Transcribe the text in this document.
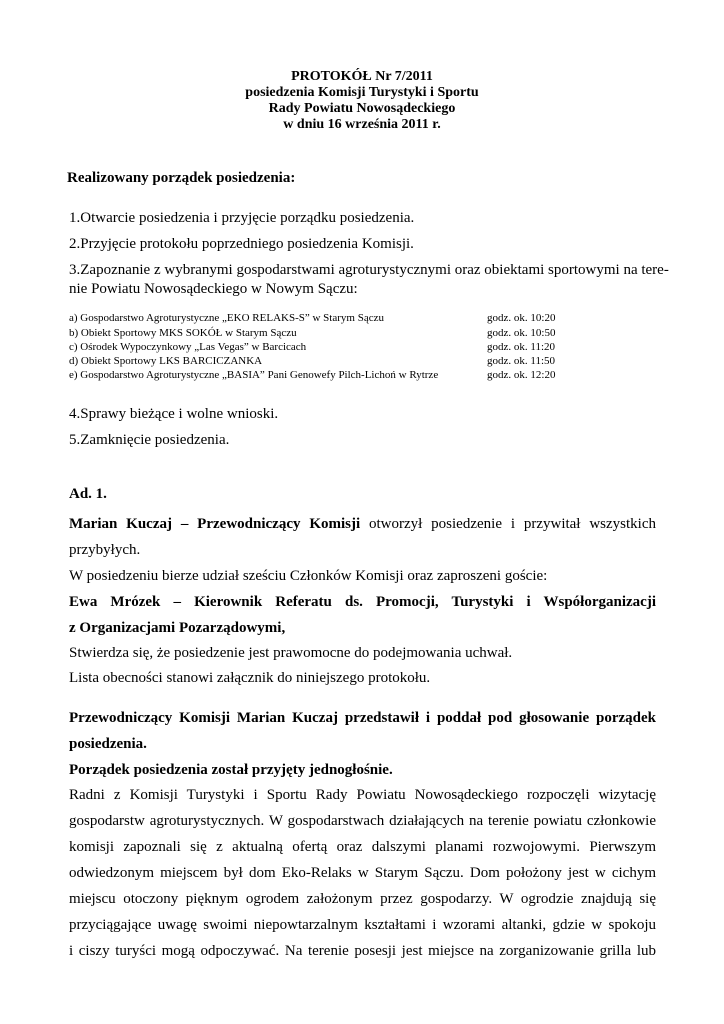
PROTOKÓŁ Nr 7/2011
posiedzenia Komisji Turystyki i Sportu
Rady Powiatu Nowosądeckiego
w dniu 16 września 2011 r.
Realizowany porządek posiedzenia:
1.Otwarcie posiedzenia i przyjęcie porządku posiedzenia.
2.Przyjęcie protokołu poprzedniego posiedzenia Komisji.
3.Zapoznanie z wybranymi gospodarstwami agroturystycznymi oraz obiektami sportowymi na tere-
nie Powiatu Nowosądeckiego w Nowym Sączu:
a) Gospodarstwo Agroturystyczne „EKO RELAKS-S” w Starym Sączu	godz. ok. 10:20
b) Obiekt Sportowy MKS SOKÓŁ w Starym Sączu	godz. ok. 10:50
c) Ośrodek Wypoczynkowy „Las Vegas” w Barcicach	godz. ok. 11:20
d) Obiekt Sportowy LKS BARCICZANKA	godz. ok. 11:50
e) Gospodarstwo Agroturystyczne „BASIA” Pani Genowefy Pilch-Lichoń w Rytrze	godz. ok. 12:20
4.Sprawy bieżące i wolne wnioski.
5.Zamknięcie posiedzenia.
Ad. 1.
Marian Kuczaj – Przewodniczący Komisji otworzył posiedzenie i przywitał wszystkich
przybyłych.
W posiedzeniu bierze udział sześciu Członków Komisji oraz zaproszeni goście:
Ewa Mrózek – Kierownik Referatu ds. Promocji, Turystyki i Współorganizacji
z Organizacjami Pozarządowymi,
Stwierdza się, że posiedzenie jest prawomocne do podejmowania uchwał.
Lista obecności stanowi załącznik do niniejszego protokołu.
Przewodniczący Komisji Marian Kuczaj przedstawił i poddał pod głosowanie porządek
posiedzenia.
Porządek posiedzenia został przyjęty jednogłośnie.
Radni z Komisji Turystyki i Sportu Rady Powiatu Nowosądeckiego rozpoczęli wizytację
gospodarstw agroturystycznych. W gospodarstwach działających na terenie powiatu członkowie
komisji zapoznali się z aktualną ofertą oraz dalszymi planami rozwojowymi. Pierwszym
odwiedzonym miejscem był dom Eko-Relaks w Starym Sączu. Dom położony jest w cichym
miejscu otoczony pięknym ogrodem założonym przez gospodarzy. W ogrodzie znajdują się
przyciągające uwagę swoimi niepowtarzalnym kształtami i wzorami altanki, gdzie w spokoju
i ciszy turyści mogą odpoczywać. Na terenie posesji jest miejsce na zorganizowanie grilla lub
